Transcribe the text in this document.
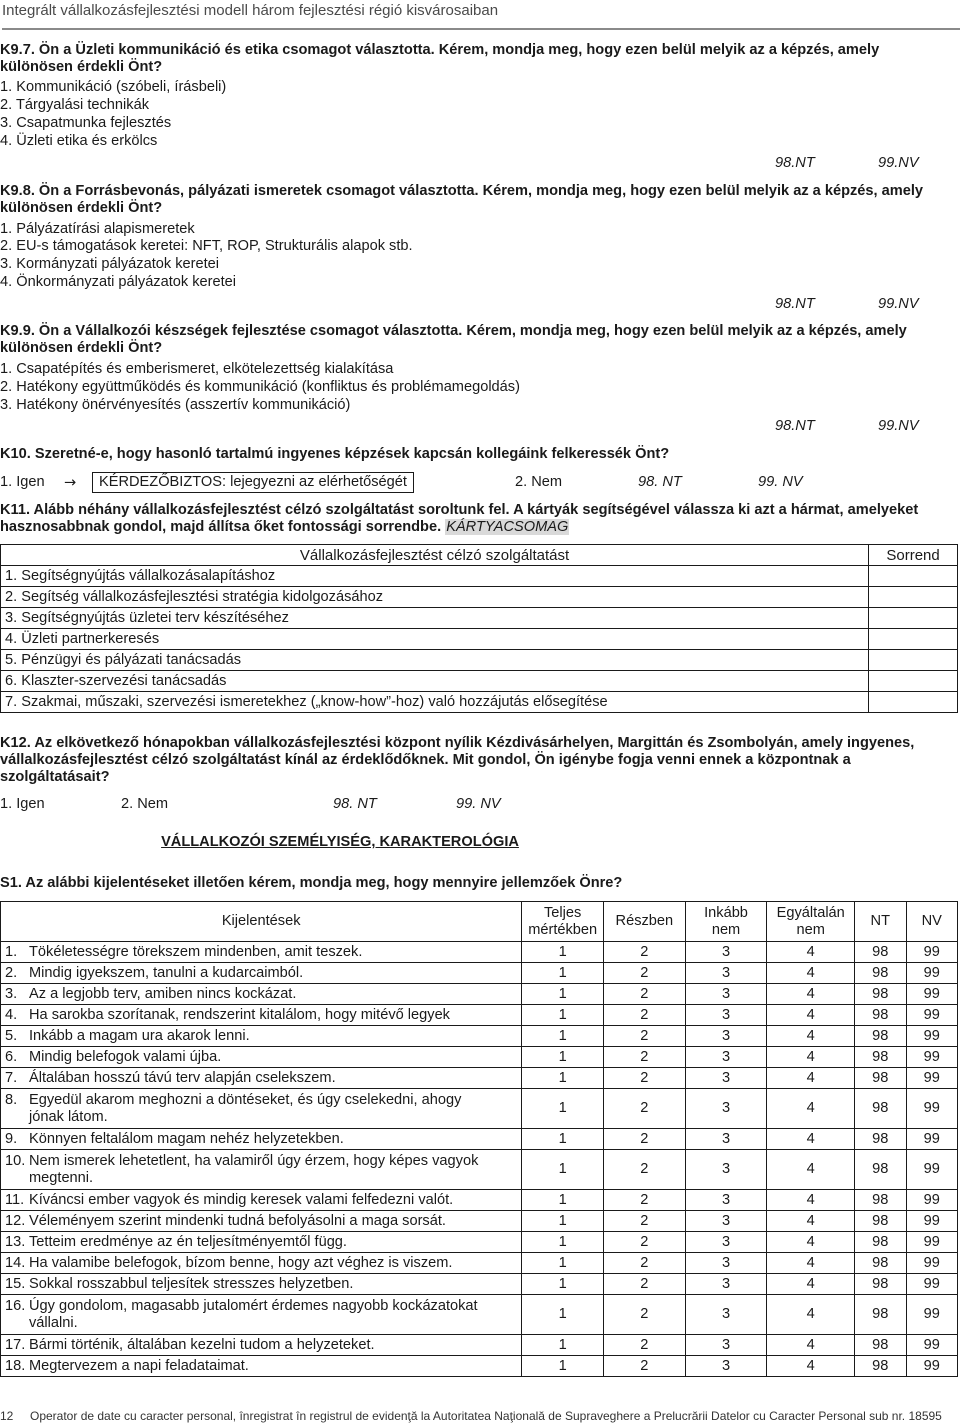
Integrált vállalkozásfejlesztési modell három fejlesztési régió kisvárosaiban
K9.7. Ön a Üzleti kommunikáció és etika csomagot választotta. Kérem, mondja meg, hogy ezen belül melyik az a képzés, amely különösen érdekli Önt?
1. Kommunikáció (szóbeli, írásbeli)
2. Tárgyalási technikák
3. Csapatmunka fejlesztés
4. Üzleti etika és erkölcs
98.NT	99.NV
K9.8. Ön a Forrásbevonás, pályázati ismeretek csomagot választotta. Kérem, mondja meg, hogy ezen belül melyik az a képzés, amely különösen érdekli Önt?
1. Pályázatírási alapismeretek
2. EU-s támogatások keretei: NFT, ROP, Strukturális alapok stb.
3. Kormányzati pályázatok keretei
4. Önkormányzati pályázatok keretei
98.NT	99.NV
K9.9. Ön a Vállalkozói készségek fejlesztése csomagot választotta. Kérem, mondja meg, hogy ezen belül melyik az a képzés, amely különösen érdekli Önt?
1. Csapatépítés és emberismeret, elkötelezettség kialakítása
2. Hatékony együttműködés és kommunikáció (konfliktus és problémamegoldás)
3. Hatékony önérvényesítés (asszertív kommunikáció)
98.NT	99.NV
K10. Szeretné-e, hogy hasonló tartalmú ingyenes képzések kapcsán kollegáink felkeressék Önt?
1. Igen →	KÉRDEZŐBIZTOS: lejegyezni az elérhetőségét	2. Nem	98. NT	99. NV
K11. Alább néhány vállalkozásfejlesztést célzó szolgáltatást soroltunk fel. A kártyák segítségével válassza ki azt a hármat, amelyeket hasznosabbnak gondol, majd állítsa őket fontossági sorrendbe. KÁRTYACSOMAG
Vállalkozásfejlesztést célzó szolgáltatást	Sorrend
1. Segítségnyújtás vállalkozásalapításhoz	
2. Segítség vállalkozásfejlesztési stratégia kidolgozásához	
3. Segítségnyújtás üzletei terv készítéséhez	
4. Üzleti partnerkeresés	
5. Pénzügyi és pályázati tanácsadás	
6. Klaszter-szervezési tanácsadás	
7. Szakmai, műszaki, szervezési ismeretekhez („know-how”-hoz) való hozzájutás elősegítése	
K12. Az elkövetkező hónapokban vállalkozásfejlesztési központ nyílik Kézdivásárhelyen, Margittán és Zsombolyán, amely ingyenes, vállalkozásfejlesztést célzó szolgáltatást kínál az érdeklődőknek. Mit gondol, Ön igénybe fogja venni ennek a központnak a szolgáltatásait?
1. Igen	2. Nem	98. NT	99. NV
VÁLLALKOZÓI SZEMÉLYISÉG, KARAKTEROLÓGIA
S1. Az alábbi kijelentéseket illetően kérem, mondja meg, hogy mennyire jellemzőek Önre?
Kijelentések	Teljes mértékben	Részben	Inkább nem	Egyáltalán nem	NT	NV
1. Tökéletességre törekszem mindenben, amit teszek.	1	2	3	4	98	99
2. Mindig igyekszem, tanulni a kudarcaimból.	1	2	3	4	98	99
3. Az a legjobb terv, amiben nincs kockázat.	1	2	3	4	98	99
4. Ha sarokba szorítanak, rendszerint kitalálom, hogy mitévő legyek	1	2	3	4	98	99
5. Inkább a magam ura akarok lenni.	1	2	3	4	98	99
6. Mindig belefogok valami újba.	1	2	3	4	98	99
7. Általában hosszú távú terv alapján cselekszem.	1	2	3	4	98	99
8. Egyedül akarom meghozni a döntéseket, és úgy cselekedni, ahogy jónak látom.	1	2	3	4	98	99
9. Könnyen feltalálom magam nehéz helyzetekben.	1	2	3	4	98	99
10. Nem ismerek lehetetlent, ha valamiről úgy érzem, hogy képes vagyok megtenni.	1	2	3	4	98	99
11. Kíváncsi ember vagyok és mindig keresek valami felfedezni valót.	1	2	3	4	98	99
12. Véleményem szerint mindenki tudná befolyásolni a maga sorsát.	1	2	3	4	98	99
13. Tetteim eredménye az én teljesítményemtől függ.	1	2	3	4	98	99
14. Ha valamibe belefogok, bízom benne, hogy azt véghez is viszem.	1	2	3	4	98	99
15. Sokkal rosszabbul teljesítek stresszes helyzetben.	1	2	3	4	98	99
16. Úgy gondolom, magasabb jutalomért érdemes nagyobb kockázatokat vállalni.	1	2	3	4	98	99
17. Bármi történik, általában kezelni tudom a helyzeteket.	1	2	3	4	98	99
18. Megtervezem a napi feladataimat.	1	2	3	4	98	99
12 Operator de date cu caracter personal, înregistrat în registrul de evidenţă la Autoritatea Naţională de Supraveghere a Prelucrării Datelor cu Caracter Personal sub nr. 18595
